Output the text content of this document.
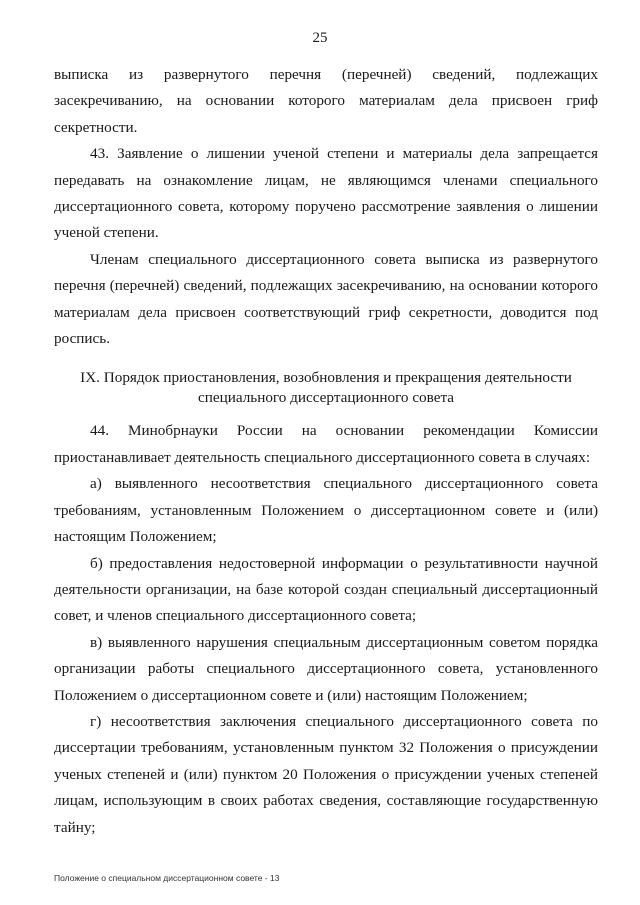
25

выписка из развернутого перечня (перечней) сведений, подлежащих засекречиванию, на основании которого материалам дела присвоен гриф секретности.

43. Заявление о лишении ученой степени и материалы дела запрещается передавать на ознакомление лицам, не являющимся членами специального диссертационного совета, которому поручено рассмотрение заявления о лишении ученой степени.

Членам специального диссертационного совета выписка из развернутого перечня (перечней) сведений, подлежащих засекречиванию, на основании которого материалам дела присвоен соответствующий гриф секретности, доводится под роспись.

IX. Порядок приостановления, возобновления и прекращения деятельности
специального диссертационного совета

44. Минобрнауки России на основании рекомендации Комиссии приостанавливает деятельность специального диссертационного совета в случаях:

а) выявленного несоответствия специального диссертационного совета требованиям, установленным Положением о диссертационном совете и (или) настоящим Положением;

б) предоставления недостоверной информации о результативности научной деятельности организации, на базе которой создан специальный диссертационный совет, и членов специального диссертационного совета;

в) выявленного нарушения специальным диссертационным советом порядка организации работы специального диссертационного совета, установленного Положением о диссертационном совете и (или) настоящим Положением;

г) несоответствия заключения специального диссертационного совета по диссертации требованиям, установленным пунктом 32 Положения о присуждении ученых степеней и (или) пунктом 20 Положения о присуждении ученых степеней лицам, использующим в своих работах сведения, составляющие государственную тайну;

Положение о специальном диссертационном совете - 13
